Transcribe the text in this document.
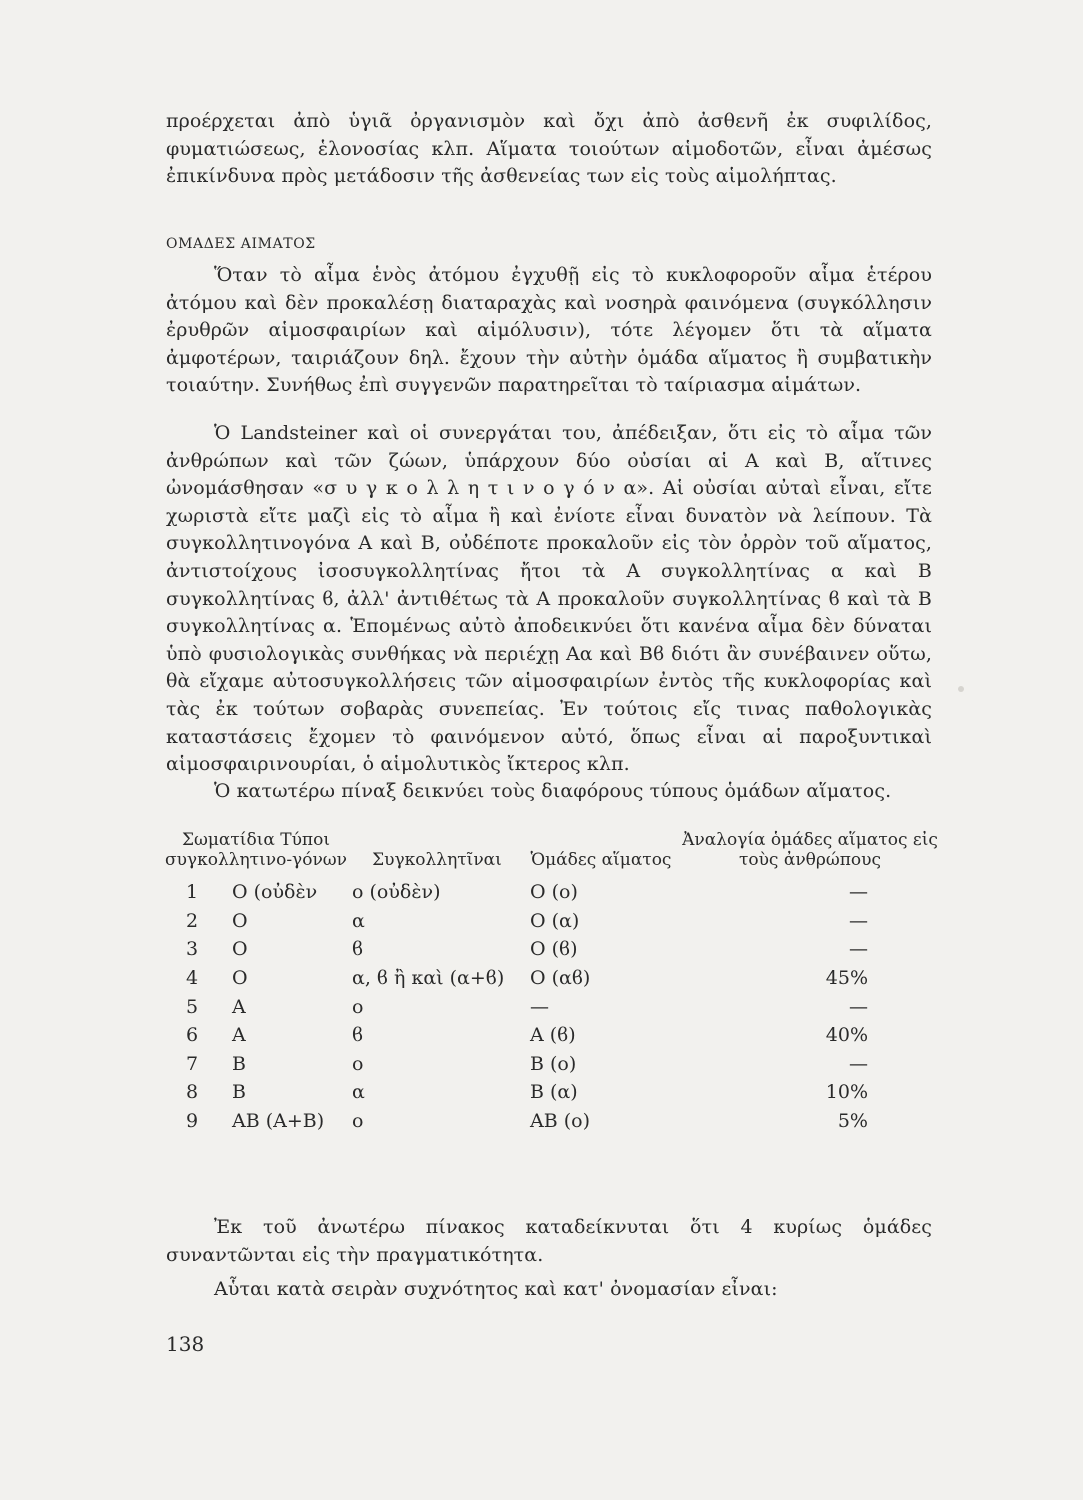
προέρχεται ἀπὸ ὑγιᾶ ὀργανισμὸν καὶ ὄχι ἀπὸ ἀσθενῆ ἐκ συφιλίδος, φυματιώσεως, ἑλονοσίας κλπ. Αἵματα τοιούτων αἱμοδοτῶν, εἶναι ἀμέσως ἐπικίνδυνα πρὸς μετάδοσιν τῆς ἀσθενείας των εἰς τοὺς αἱμολήπτας.

ΟΜΑΔΕΣ ΑΙΜΑΤΟΣ

Ὅταν τὸ αἷμα ἑνὸς ἀτόμου ἐγχυθῇ εἰς τὸ κυκλοφοροῦν αἷμα ἑτέρου ἀτόμου καὶ δὲν προκαλέσῃ διαταραχὰς καὶ νοσηρὰ φαινόμενα (συγκόλλησιν ἐρυθρῶν αἱμοσφαιρίων καὶ αἱμόλυσιν), τότε λέγομεν ὅτι τὰ αἵματα ἀμφοτέρων, ταιριάζουν δηλ. ἔχουν τὴν αὐτὴν ὁμάδα αἵματος ἢ συμβατικὴν τοιαύτην. Συνήθως ἐπὶ συγγενῶν παρατηρεῖται τὸ ταίριασμα αἱμάτων.

Ὁ Landsteiner καὶ οἱ συνεργάται του, ἀπέδειξαν, ὅτι εἰς τὸ αἷμα τῶν ἀνθρώπων καὶ τῶν ζώων, ὑπάρχουν δύο οὐσίαι αἱ Α καὶ Β, αἵτινες ὠνομάσθησαν «σ υ γ κ ο λ λ η τ ι ν ο γ ό ν α». Αἱ οὐσίαι αὐταὶ εἶναι, εἴτε χωριστὰ εἴτε μαζὶ εἰς τὸ αἷμα ἢ καὶ ἐνίοτε εἶναι δυνατὸν νὰ λείπουν. Τὰ συγκολλητινογόνα Α καὶ Β, οὐδέποτε προκαλοῦν εἰς τὸν ὀρρὸν τοῦ αἵματος, ἀντιστοίχους ἰσοσυγκολλητίνας ἤτοι τὰ Α συγκολλητίνας α καὶ Β συγκολλητίνας ϐ, ἀλλ' ἀντιθέτως τὰ Α προκαλοῦν συγκολλητίνας ϐ καὶ τὰ Β συγκολλητίνας α. Ἑπομένως αὐτὸ ἀποδεικνύει ὅτι κανένα αἷμα δὲν δύναται ὑπὸ φυσιολογικὰς συνθήκας νὰ περιέχῃ Αα καὶ Βϐ διότι ἂν συνέβαινεν οὕτω, θὰ εἴχαμε αὐτοσυγκολλήσεις τῶν αἱμοσφαιρίων ἐντὸς τῆς κυκλοφορίας καὶ τὰς ἐκ τούτων σοβαρὰς συνεπείας. Ἐν τούτοις εἴς τινας παθολογικὰς καταστάσεις ἔχομεν τὸ φαινόμενον αὐτό, ὅπως εἶναι αἱ παροξυντικαὶ αἱμοσφαιρινουρίαι, ὁ αἱμολυτικὸς ἴκτερος κλπ.

Ὁ κατωτέρω πίναξ δεικνύει τοὺς διαφόρους τύπους ὁμάδων αἵματος.

Σωματίδια Τύποι συγκολλητινο-γόνων		Συγκολλητῖναι	Ὁμάδες αἵματος	Ἀναλογία ὁμάδες αἵματος εἰς τοὺς ἀνθρώπους
1	O (οὐδὲν	ο (οὐδὲν)	O (ο)	—
2	O	α	O (α)	—
3	O	ϐ	O (ϐ)	—
4	O	α, ϐ ἢ καὶ (α+ϐ)	O (αϐ)	45%
5	A	ο	—	—
6	A	ϐ	A (ϐ)	40%
7	B	ο	B (ο)	—
8	B	α	B (α)	10%
9	AB (A+B)	ο	AB (ο)	5%

Ἐκ τοῦ ἀνωτέρω πίνακος καταδείκνυται ὅτι 4 κυρίως ὁμάδες συναντῶνται εἰς τὴν πραγματικότητα.

Αὗται κατὰ σειρὰν συχνότητος καὶ κατ' ὀνομασίαν εἶναι:

138
